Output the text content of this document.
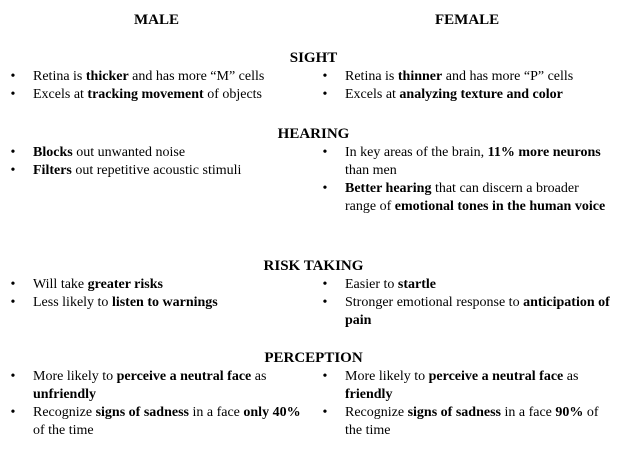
MALE	FEMALE
SIGHT
• Retina is thicker and has more “M” cells
• Excels at tracking movement of objects
• Retina is thinner and has more “P” cells
• Excels at analyzing texture and color
HEARING
• Blocks out unwanted noise
• Filters out repetitive acoustic stimuli
• In key areas of the brain, 11% more neurons than men
• Better hearing that can discern a broader range of emotional tones in the human voice
RISK TAKING
• Will take greater risks
• Less likely to listen to warnings
• Easier to startle
• Stronger emotional response to anticipation of pain
PERCEPTION
• More likely to perceive a neutral face as unfriendly
• Recognize signs of sadness in a face only 40% of the time
• More likely to perceive a neutral face as friendly
• Recognize signs of sadness in a face 90% of the time
